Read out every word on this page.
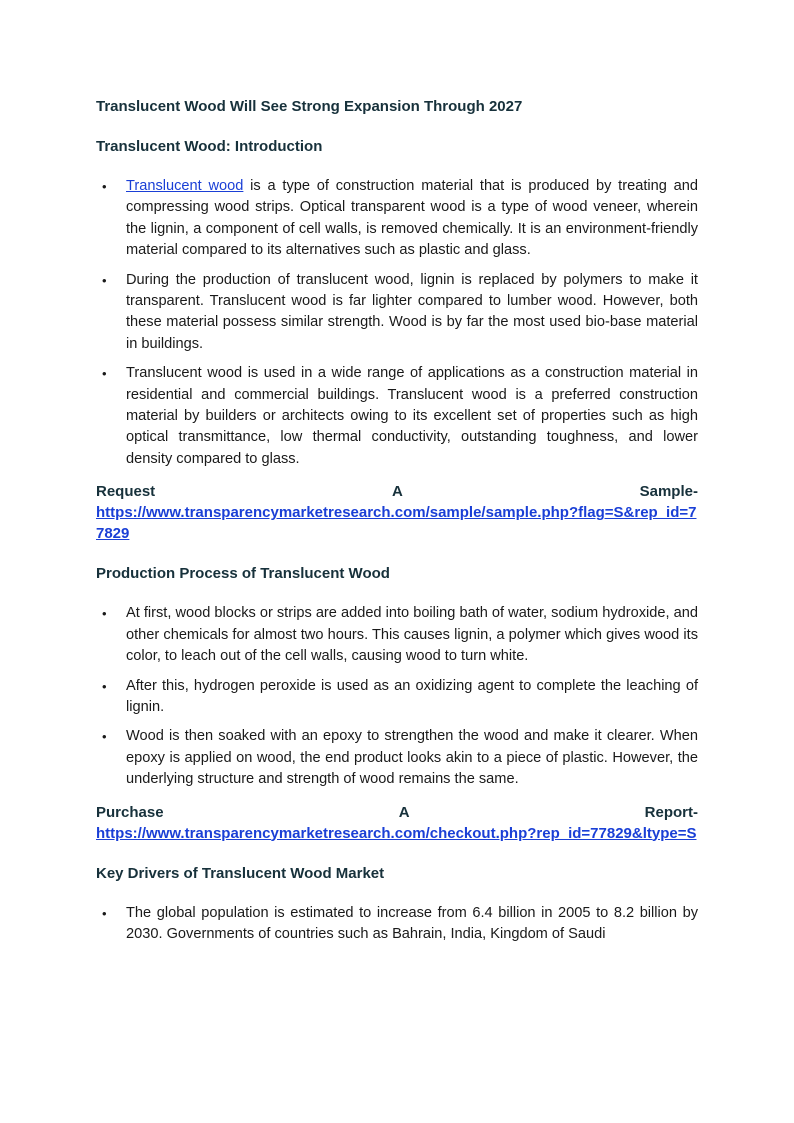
Translucent Wood Will See Strong Expansion Through 2027
Translucent Wood: Introduction
• Translucent wood is a type of construction material that is produced by treating and compressing wood strips. Optical transparent wood is a type of wood veneer, wherein the lignin, a component of cell walls, is removed chemically. It is an environment-friendly material compared to its alternatives such as plastic and glass.
• During the production of translucent wood, lignin is replaced by polymers to make it transparent. Translucent wood is far lighter compared to lumber wood. However, both these material possess similar strength. Wood is by far the most used bio-base material in buildings.
• Translucent wood is used in a wide range of applications as a construction material in residential and commercial buildings. Translucent wood is a preferred construction material by builders or architects owing to its excellent set of properties such as high optical transmittance, low thermal conductivity, outstanding toughness, and lower density compared to glass.
Request	A	Sample-
https://www.transparencymarketresearch.com/sample/sample.php?flag=S&rep_id=77829
Production Process of Translucent Wood
• At first, wood blocks or strips are added into boiling bath of water, sodium hydroxide, and other chemicals for almost two hours. This causes lignin, a polymer which gives wood its color, to leach out of the cell walls, causing wood to turn white.
• After this, hydrogen peroxide is used as an oxidizing agent to complete the leaching of lignin.
• Wood is then soaked with an epoxy to strengthen the wood and make it clearer. When epoxy is applied on wood, the end product looks akin to a piece of plastic. However, the underlying structure and strength of wood remains the same.
Purchase	A	Report-
https://www.transparencymarketresearch.com/checkout.php?rep_id=77829&ltype=S
Key Drivers of Translucent Wood Market
• The global population is estimated to increase from 6.4 billion in 2005 to 8.2 billion by 2030. Governments of countries such as Bahrain, India, Kingdom of Saudi
